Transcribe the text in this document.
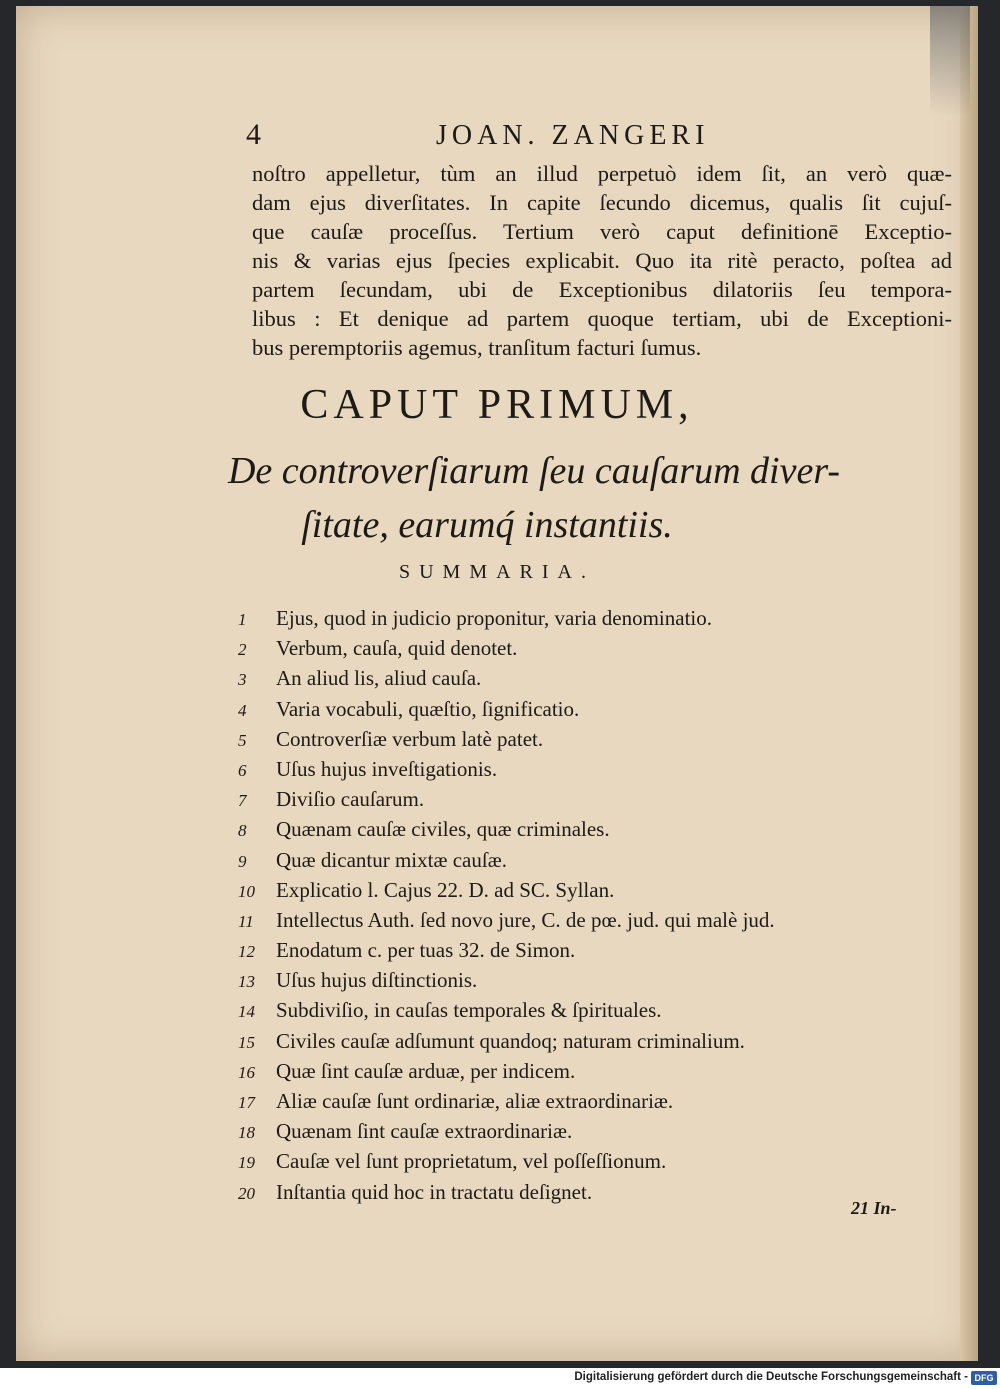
4	JOAN. ZANGERI
noſtro appelletur, tùm an illud perpetuò idem ſit, an verò quæ-
dam ejus diverſitates. In capite ſecundo dicemus, qualis ſit cujuſ-
que cauſæ proceſſus. Tertium verò caput definitionē Exceptio-
nis & varias ejus ſpecies explicabit. Quo ita ritè peracto, poſtea ad
partem ſecundam, ubi de Exceptionibus dilatoriis ſeu tempora-
libus : Et denique ad partem quoque tertiam, ubi de Exceptioni-
bus peremptoriis agemus, tranſitum facturi ſumus.
CAPUT PRIMUM,
De controverſiarum ſeu cauſarum diver-
ſitate, earumq́ instantiis.
SUMMARIA.
1 Ejus, quod in judicio proponitur, varia denominatio.
2 Verbum, cauſa, quid denotet.
3 An aliud lis, aliud cauſa.
4 Varia vocabuli, quæſtio, ſignificatio.
5 Controverſiæ verbum latè patet.
6 Uſus hujus inveſtigationis.
7 Diviſio cauſarum.
8 Quænam cauſæ civiles, quæ criminales.
9 Quæ dicantur mixtæ cauſæ.
10 Explicatio l. Cajus 22. D. ad SC. Syllan.
11 Intellectus Auth. ſed novo jure, C. de pœ. jud. qui malè jud.
12 Enodatum c. per tuas 32. de Simon.
13 Uſus hujus diſtinctionis.
14 Subdiviſio, in cauſas temporales & ſpirituales.
15 Civiles cauſæ adſumunt quandoq; naturam criminalium.
16 Quæ ſint cauſæ arduæ, per indicem.
17 Aliæ cauſæ ſunt ordinariæ, aliæ extraordinariæ.
18 Quænam ſint cauſæ extraordinariæ.
19 Cauſæ vel ſunt proprietatum, vel poſſeſſionum.
20 Inſtantia quid hoc in tractatu deſignet.
21 In-
Digitalisierung gefördert durch die Deutsche Forschungsgemeinschaft - DFG
